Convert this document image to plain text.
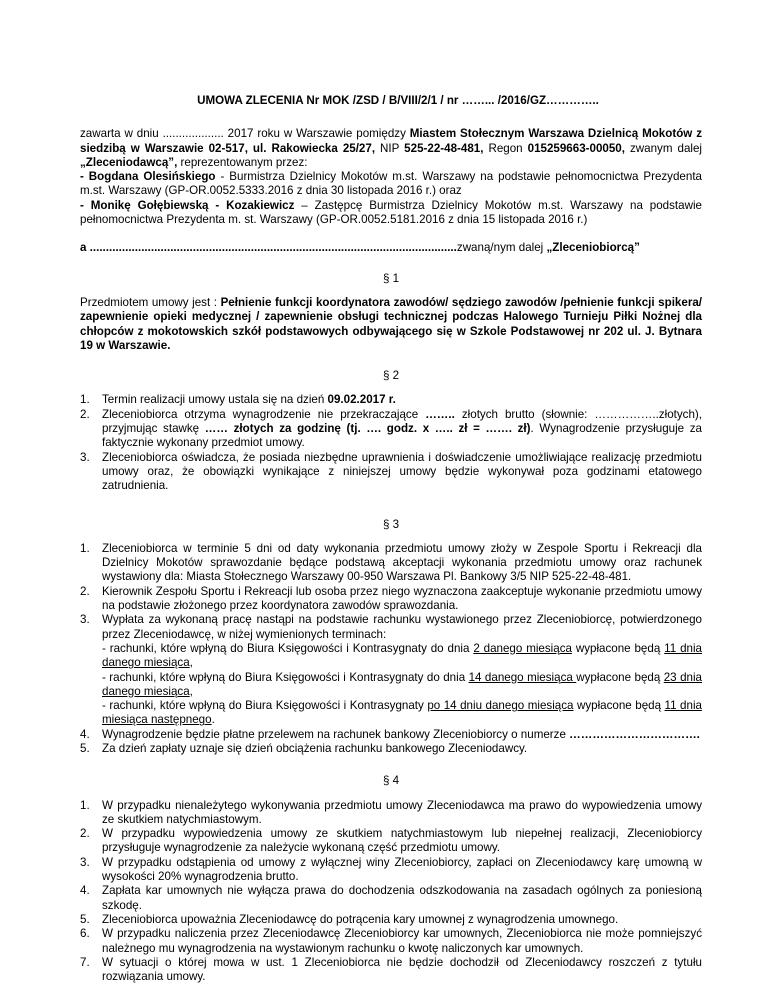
UMOWA ZLECENIA Nr MOK /ZSD / B/VIII/2/1 / nr ……... /2016/GZ…………..

zawarta w dniu ................... 2017 roku w Warszawie pomiędzy Miastem Stołecznym Warszawa Dzielnicą Mokotów z siedzibą w Warszawie 02-517, ul. Rakowiecka 25/27, NIP 525-22-48-481, Regon 015259663-00050, zwanym dalej „Zleceniodawcą”, reprezentowanym przez:

- Bogdana Olesińskiego - Burmistrza Dzielnicy Mokotów m.st. Warszawy na podstawie pełnomocnictwa Prezydenta m.st. Warszawy (GP-OR.0052.5333.2016 z dnia 30 listopada 2016 r.) oraz

- Monikę Gołębiewską - Kozakiewicz – Zastępcę Burmistrza Dzielnicy Mokotów m.st. Warszawy na podstawie pełnomocnictwa Prezydenta m. st. Warszawy (GP-OR.0052.5181.2016 z dnia 15 listopada 2016 r.)

a ..................................................................................................................zwaną/nym dalej „Zleceniobiorcą”

§ 1

Przedmiotem umowy jest : Pełnienie funkcji koordynatora zawodów/ sędziego zawodów /pełnienie funkcji spikera/ zapewnienie opieki medycznej / zapewnienie obsługi technicznej podczas Halowego Turnieju Piłki Nożnej dla chłopców z mokotowskich szkół podstawowych odbywającego się w Szkole Podstawowej nr 202 ul. J. Bytnara 19 w Warszawie.

§ 2
1. Termin realizacji umowy ustala się na dzień 09.02.2017 r.
2. Zleceniobiorca otrzyma wynagrodzenie nie przekraczające …….. złotych brutto (słownie: ……………..złotych), przyjmując stawkę …… złotych za godzinę (tj. …. godz. x ….. zł = ……. zł). Wynagrodzenie przysługuje za faktycznie wykonany przedmiot umowy.
3. Zleceniobiorca oświadcza, że posiada niezbędne uprawnienia i doświadczenie umożliwiające realizację przedmiotu umowy oraz, że obowiązki wynikające z niniejszej umowy będzie wykonywał poza godzinami etatowego zatrudnienia.
§ 3
1. Zleceniobiorca w terminie 5 dni od daty wykonania przedmiotu umowy złoży w Zespole Sportu i Rekreacji dla Dzielnicy Mokotów sprawozdanie będące podstawą akceptacji wykonania przedmiotu umowy oraz rachunek wystawiony dla: Miasta Stołecznego Warszawy 00-950 Warszawa Pl. Bankowy 3/5 NIP 525-22-48-481.
2. Kierownik Zespołu Sportu i Rekreacji lub osoba przez niego wyznaczona zaakceptuje wykonanie przedmiotu umowy na podstawie złożonego przez koordynatora zawodów sprawozdania.
3. Wypłata za wykonaną pracę nastąpi na podstawie rachunku wystawionego przez Zleceniobiorcę, potwierdzonego przez Zleceniodawcę, w niżej wymienionych terminach:
- rachunki, które wpłyną do Biura Księgowości i Kontrasygnaty do dnia 2 danego miesiąca wypłacone będą 11 dnia danego miesiąca,
- rachunki, które wpłyną do Biura Księgowości i Kontrasygnaty do dnia 14 danego miesiąca wypłacone będą 23 dnia danego miesiąca,
- rachunki, które wpłyną do Biura Księgowości i Kontrasygnaty po 14 dniu danego miesiąca wypłacone będą 11 dnia miesiąca następnego.
4. Wynagrodzenie będzie płatne przelewem na rachunek bankowy Zleceniobiorcy o numerze …………………………….
5. Za dzień zapłaty uznaje się dzień obciążenia rachunku bankowego Zleceniodawcy.
§ 4
1. W przypadku nienależytego wykonywania przedmiotu umowy Zleceniodawca ma prawo do wypowiedzenia umowy ze skutkiem natychmiastowym.
2. W przypadku wypowiedzenia umowy ze skutkiem natychmiastowym lub niepełnej realizacji, Zleceniobiorcy przysługuje wynagrodzenie za należycie wykonaną część przedmiotu umowy.
3. W przypadku odstąpienia od umowy z wyłącznej winy Zleceniobiorcy, zapłaci on Zleceniodawcy karę umowną w wysokości 20% wynagrodzenia brutto.
4. Zapłata kar umownych nie wyłącza prawa do dochodzenia odszkodowania na zasadach ogólnych za poniesioną szkodę.
5. Zleceniobiorca upoważnia Zleceniodawcę do potrącenia kary umownej z wynagrodzenia umownego.
6. W przypadku naliczenia przez Zleceniodawcę Zleceniobiorcy kar umownych, Zleceniobiorca nie może pomniejszyć należnego mu wynagrodzenia na wystawionym rachunku o kwotę naliczonych kar umownych.
7. W sytuacji o której mowa w ust. 1 Zleceniobiorca nie będzie dochodził od Zleceniodawcy roszczeń z tytułu rozwiązania umowy.
